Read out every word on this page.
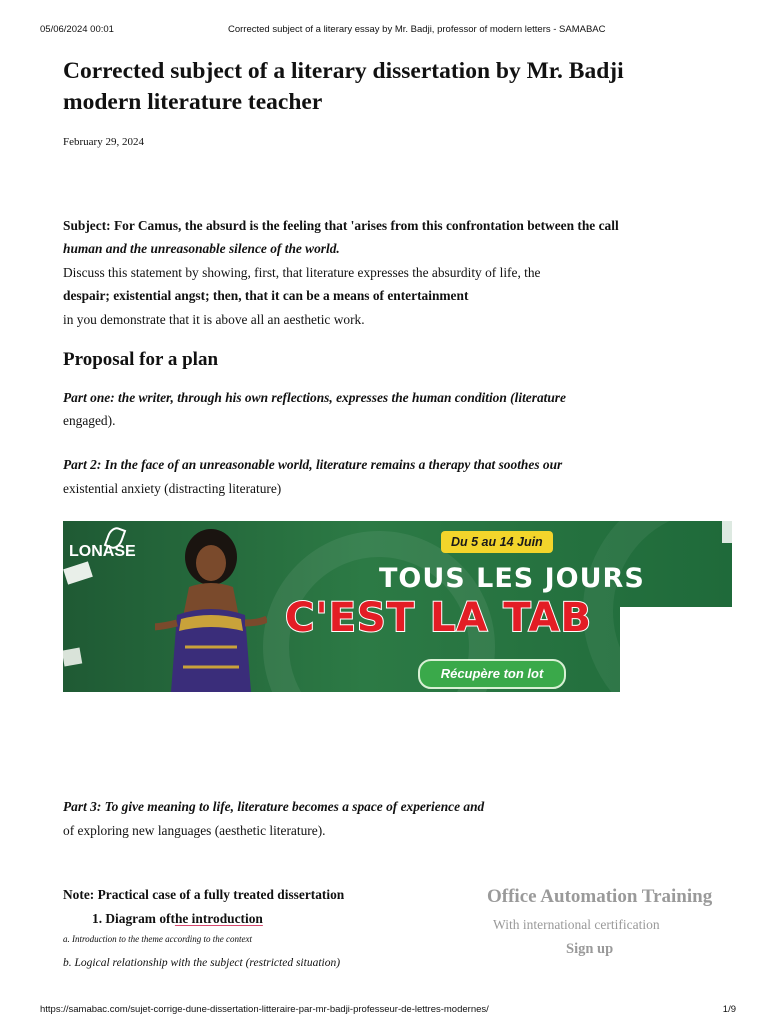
05/06/2024 00:01	Corrected subject of a literary essay by Mr. Badji, professor of modern letters - SAMABAC
Corrected subject of a literary dissertation by Mr. Badji modern literature teacher
February 29, 2024
Subject: For Camus, the absurd is the feeling that 'arises from this confrontation between the call
human and the unreasonable silence of the world.
Discuss this statement by showing, first, that literature expresses the absurdity of life, the
despair; existential angst; then, that it can be a means of entertainment
in you demonstrate that it is above all an aesthetic work.
Proposal for a plan
Part one: the writer, through his own reflections, expresses the human condition (literature
engaged).
Part 2: In the face of an unreasonable world, literature remains a therapy that soothes our
existential anxiety (distracting literature)
LONASE
Du 5 au 14 Juin
TOUS LES JOURS
C'EST LA TAB
Récupère ton lot
Part 3: To give meaning to life, literature becomes a space of experience and
of exploring new languages (aesthetic literature).
Note: Practical case of a fully treated dissertation
1. Diagram ofthe introduction
a. Introduction to the theme according to the context
b. Logical relationship with the subject (restricted situation)
Office Automation Training
With international certification
Sign up
https://samabac.com/sujet-corrige-dune-dissertation-litteraire-par-mr-badji-professeur-de-lettres-modernes/	1/9
